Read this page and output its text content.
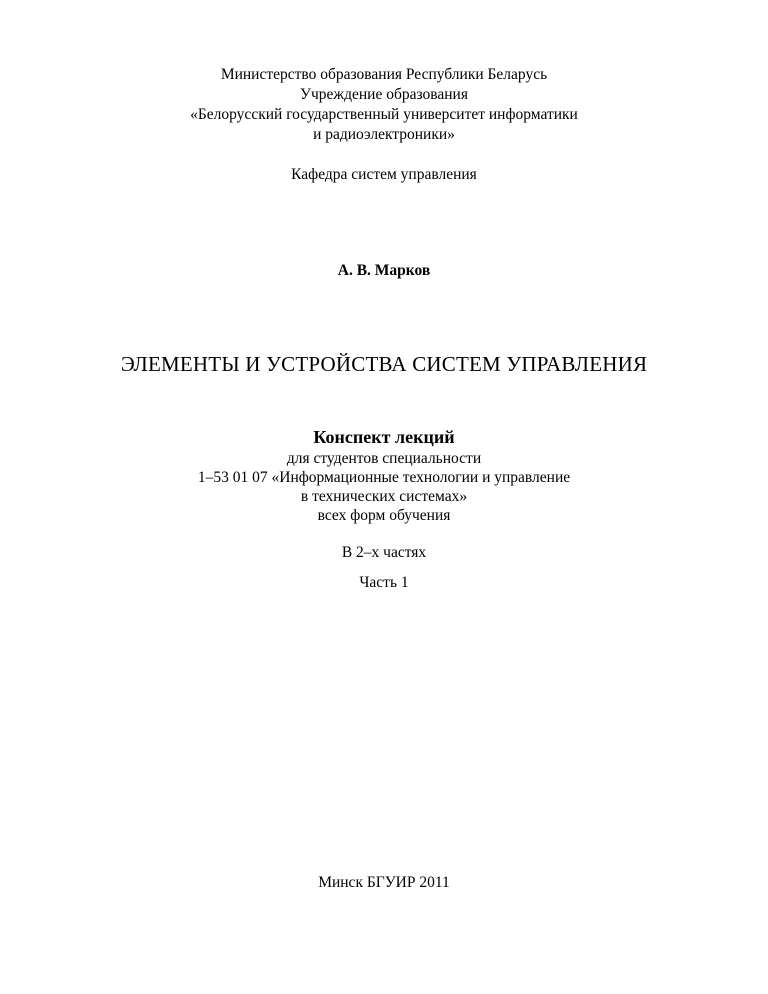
Министерство образования Республики Беларусь
Учреждение образования
«Белорусский государственный университет информатики
и радиоэлектроники»
Кафедра систем управления
А. В. Марков
ЭЛЕМЕНТЫ И УСТРОЙСТВА СИСТЕМ УПРАВЛЕНИЯ
Конспект лекций
для студентов специальности
1–53 01 07 «Информационные технологии и управление
в технических системах»
всех форм обучения
В 2–х частях
Часть 1
Минск БГУИР 2011
